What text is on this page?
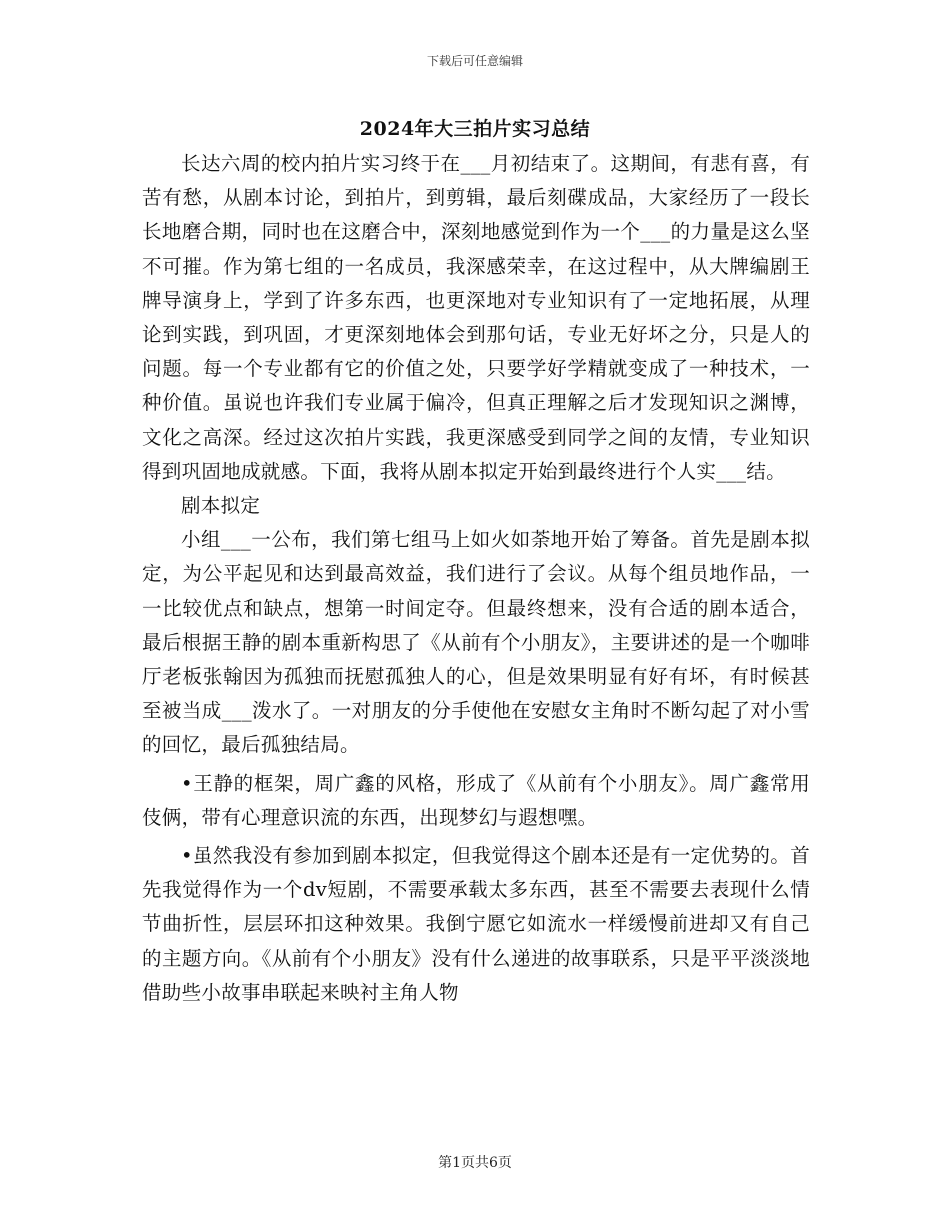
下载后可任意编辑
2024年大三拍片实习总结

长达六周的校内拍片实习终于在___月初结束了。这期间，有悲有喜，有苦有愁，从剧本讨论，到拍片，到剪辑，最后刻碟成品，大家经历了一段长长地磨合期，同时也在这磨合中，深刻地感觉到作为一个___的力量是这么坚不可摧。作为第七组的一名成员，我深感荣幸，在这过程中，从大牌编剧王牌导演身上，学到了许多东西，也更深地对专业知识有了一定地拓展，从理论到实践，到巩固，才更深刻地体会到那句话，专业无好坏之分，只是人的问题。每一个专业都有它的价值之处，只要学好学精就变成了一种技术，一种价值。虽说也许我们专业属于偏冷，但真正理解之后才发现知识之渊博，文化之高深。经过这次拍片实践，我更深感受到同学之间的友情，专业知识得到巩固地成就感。下面，我将从剧本拟定开始到最终进行个人实___结。

剧本拟定

小组___一公布，我们第七组马上如火如荼地开始了筹备。首先是剧本拟定，为公平起见和达到最高效益，我们进行了会议。从每个组员地作品，一一比较优点和缺点，想第一时间定夺。但最终想来，没有合适的剧本适合，最后根据王静的剧本重新构思了《从前有个小朋友》，主要讲述的是一个咖啡厅老板张翰因为孤独而抚慰孤独人的心，但是效果明显有好有坏，有时候甚至被当成___泼水了。一对朋友的分手使他在安慰女主角时不断勾起了对小雪的回忆，最后孤独结局。

•王静的框架，周广鑫的风格，形成了《从前有个小朋友》。周广鑫常用伎俩，带有心理意识流的东西，出现梦幻与遐想嘿。

•虽然我没有参加到剧本拟定，但我觉得这个剧本还是有一定优势的。首先我觉得作为一个dv短剧，不需要承载太多东西，甚至不需要去表现什么情节曲折性，层层环扣这种效果。我倒宁愿它如流水一样缓慢前进却又有自己的主题方向。《从前有个小朋友》没有什么递进的故事联系，只是平平淡淡地借助些小故事串联起来映衬主角人物

第1页共6页
